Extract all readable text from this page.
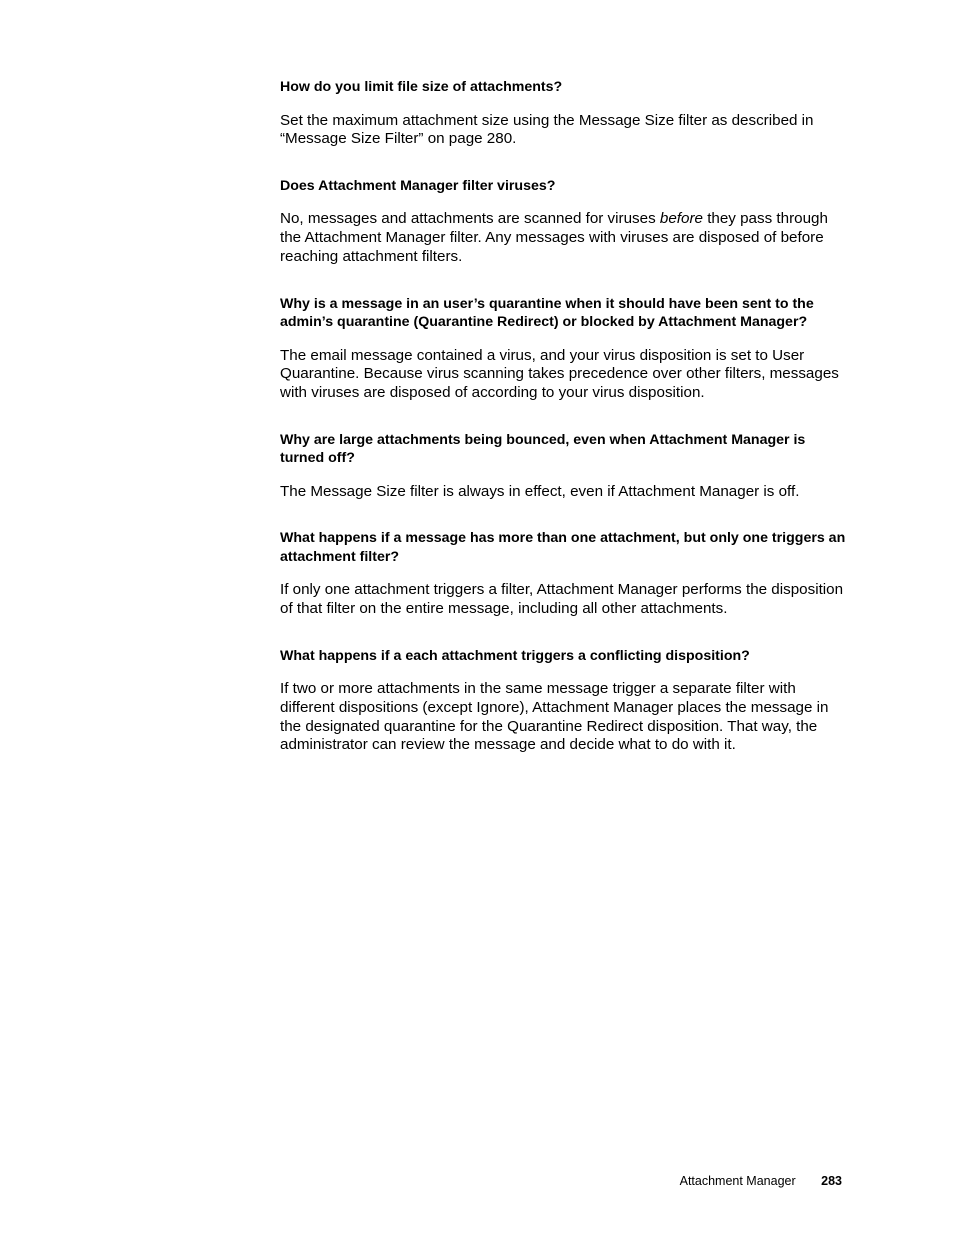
How do you limit file size of attachments?

Set the maximum attachment size using the Message Size filter as described in “Message Size Filter” on page 280.

Does Attachment Manager filter viruses?

No, messages and attachments are scanned for viruses before they pass through the Attachment Manager filter. Any messages with viruses are disposed of before reaching attachment filters.

Why is a message in an user’s quarantine when it should have been sent to the admin’s quarantine (Quarantine Redirect) or blocked by Attachment Manager?

The email message contained a virus, and your virus disposition is set to User Quarantine. Because virus scanning takes precedence over other filters, messages with viruses are disposed of according to your virus disposition.

Why are large attachments being bounced, even when Attachment Manager is turned off?

The Message Size filter is always in effect, even if Attachment Manager is off.

What happens if a message has more than one attachment, but only one triggers an attachment filter?

If only one attachment triggers a filter, Attachment Manager performs the disposition of that filter on the entire message, including all other attachments.

What happens if a each attachment triggers a conflicting disposition?

If two or more attachments in the same message trigger a separate filter with different dispositions (except Ignore), Attachment Manager places the message in the designated quarantine for the Quarantine Redirect disposition. That way, the administrator can review the message and decide what to do with it.

Attachment Manager 283
